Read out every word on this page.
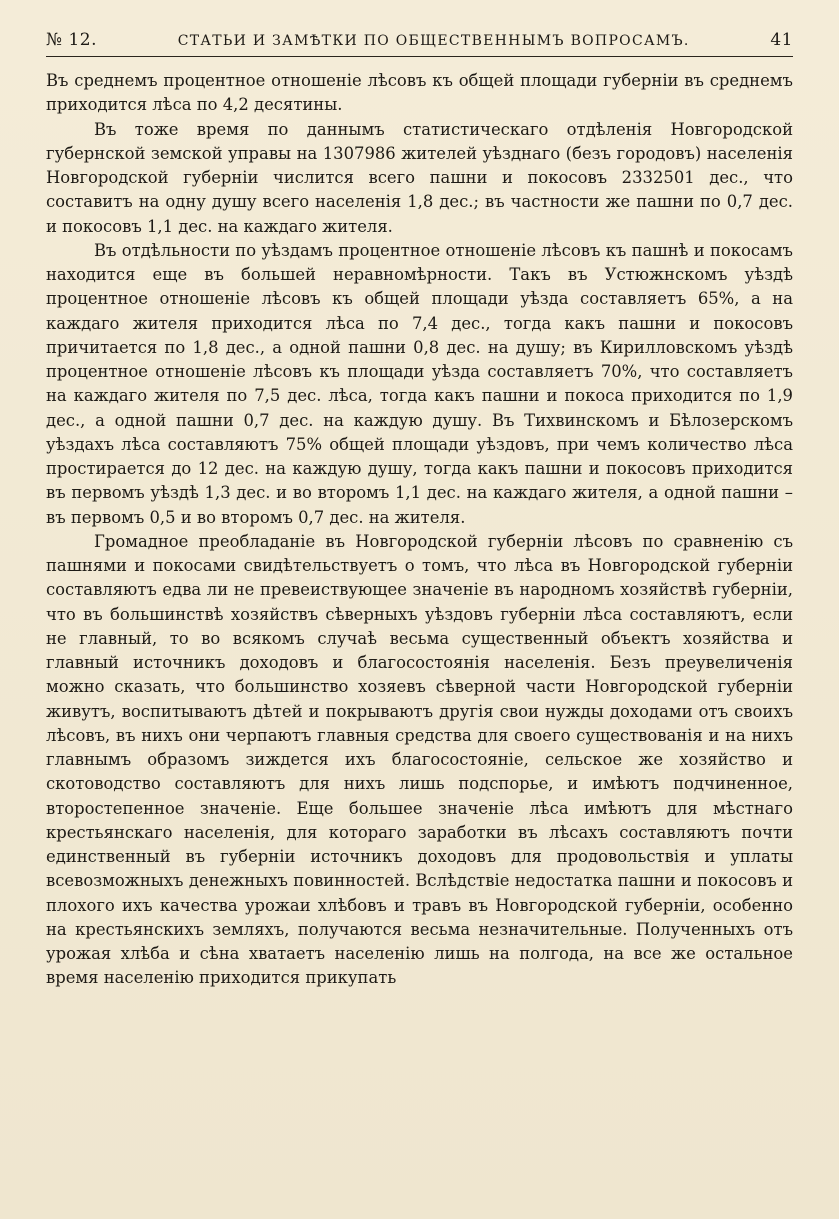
№ 12.	СТАТЬИ И ЗАМѢТКИ ПО ОБЩЕСТВЕННЫМЪ ВОПРОСАМЪ.	41

Въ среднемъ процентное отношеніе лѣсовъ къ общей площади губерніи въ среднемъ приходится лѣса по 4,2 десятины.

Въ тоже время по даннымъ статистическаго отдѣленія Новгородской губернской земской управы на 1307986 жителей уѣзднаго (безъ городовъ) населенія Новгородской губерніи числится всего пашни и покосовъ 2332501 дес., что составитъ на одну душу всего населенія 1,8 дес.; въ частности же пашни по 0,7 дес. и покосовъ 1,1 дес. на каждаго жителя.

Въ отдѣльности по уѣздамъ процентное отношеніе лѣсовъ къ пашнѣ и покосамъ находится еще въ большей неравномѣрности. Такъ въ Устюжнскомъ уѣздѣ процентное отношеніе лѣсовъ къ общей площади уѣзда составляетъ 65%, а на каждаго жителя приходится лѣса по 7,4 дес., тогда какъ пашни и покосовъ причитается по 1,8 дес., а одной пашни 0,8 дес. на душу; въ Кирилловскомъ уѣздѣ процентное отношеніе лѣсовъ къ площади уѣзда составляетъ 70%, что составляетъ на каждаго жителя по 7,5 дес. лѣса, тогда какъ пашни и покоса приходится по 1,9 дес., а одной пашни 0,7 дес. на каждую душу. Въ Тихвинскомъ и Бѣлозерскомъ уѣздахъ лѣса составляютъ 75% общей площади уѣздовъ, при чемъ количество лѣса простирается до 12 дес. на каждую душу, тогда какъ пашни и покосовъ приходится въ первомъ уѣздѣ 1,3 дес. и во второмъ 1,1 дес. на каждаго жителя, а одной пашни – въ первомъ 0,5 и во второмъ 0,7 дес. на жителя.

Громадное преобладаніе въ Новгородской губерніи лѣсовъ по сравненію съ пашнями и покосами свидѣтельствуетъ о томъ, что лѣса въ Новгородской губерніи составляютъ едва ли не превеиствующее значеніе въ народномъ хозяйствѣ губерніи, что въ большинствѣ хозяйствъ сѣверныхъ уѣздовъ губерніи лѣса составляютъ, если не главный, то во всякомъ случаѣ весьма существенный объектъ хозяйства и главный источникъ доходовъ и благосостоянія населенія. Безъ преувеличенія можно сказать, что большинство хозяевъ сѣверной части Новгородской губерніи живутъ, воспитываютъ дѣтей и покрываютъ другія свои нужды доходами отъ своихъ лѣсовъ, въ нихъ они черпаютъ главныя средства для своего существованія и на нихъ главнымъ образомъ зиждется ихъ благосостояніе, сельское же хозяйство и скотоводство составляютъ для нихъ лишь подспорье, и имѣютъ подчиненное, второстепенное значеніе. Еще большее значеніе лѣса имѣютъ для мѣстнаго крестьянскаго населенія, для котораго заработки въ лѣсахъ составляютъ почти единственный въ губерніи источникъ доходовъ для продовольствія и уплаты всевозможныхъ денежныхъ повинностей. Вслѣдствіе недостатка пашни и покосовъ и плохого ихъ качества урожаи хлѣбовъ и травъ въ Новгородской губерніи, особенно на крестьянскихъ земляхъ, получаются весьма незначительные. Полученныхъ отъ урожая хлѣба и сѣна хватаетъ населенію лишь на полгода, на все же остальное время населенію приходится прикупать
